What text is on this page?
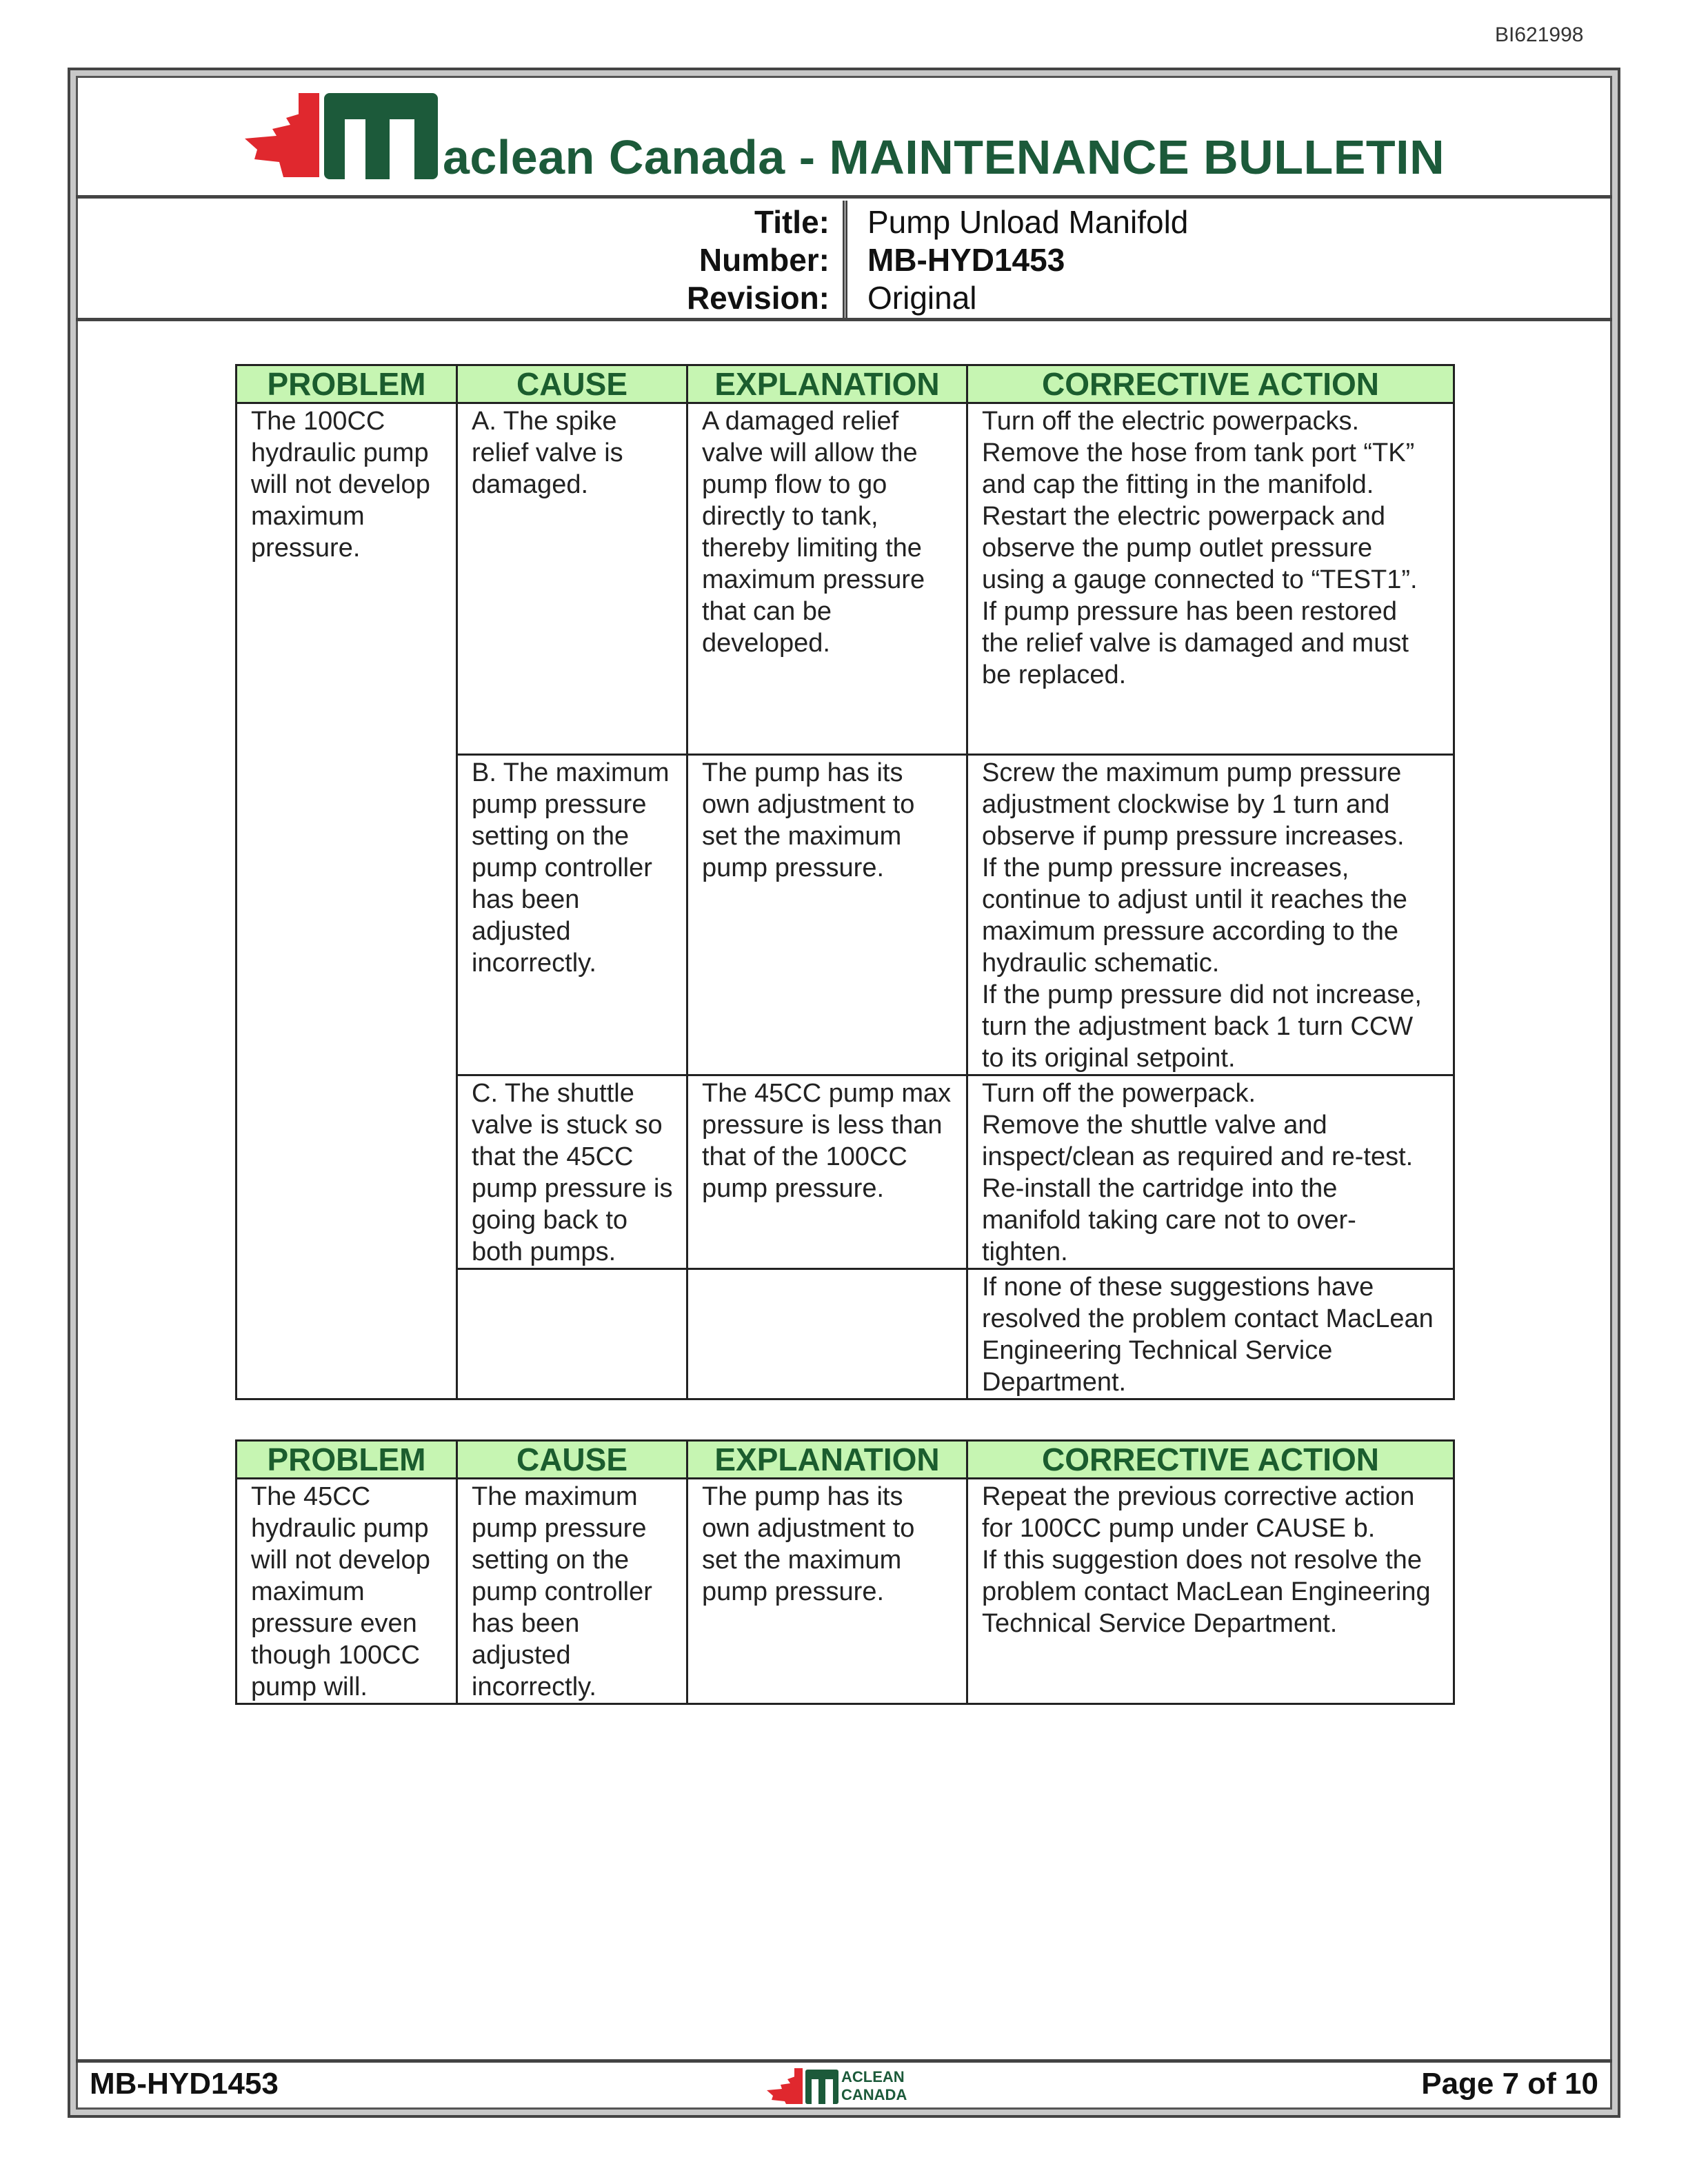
BI621998
aclean Canada - MAINTENANCE BULLETIN
Title: Pump Unload Manifold
Number: MB-HYD1453
Revision: Original
PROBLEM	CAUSE	EXPLANATION	CORRECTIVE ACTION
The 100CC hydraulic pump will not develop maximum pressure.	A. The spike relief valve is damaged.	A damaged relief valve will allow the pump flow to go directly to tank, thereby limiting the maximum pressure that can be developed.	Turn off the electric powerpacks.
Remove the hose from tank port “TK” and cap the fitting in the manifold.
Restart the electric powerpack and observe the pump outlet pressure using a gauge connected to “TEST1”.
If pump pressure has been restored the relief valve is damaged and must be replaced.

	B. The maximum pump pressure setting on the pump controller has been adjusted incorrectly.	The pump has its own adjustment to set the maximum pump pressure.	Screw the maximum pump pressure adjustment clockwise by 1 turn and observe if pump pressure increases.
If the pump pressure increases, continue to adjust until it reaches the maximum pressure according to the hydraulic schematic.
If the pump pressure did not increase, turn the adjustment back 1 turn CCW to its original setpoint.

	C. The shuttle valve is stuck so that the 45CC pump pressure is going back to both pumps.	The 45CC pump max pressure is less than that of the 100CC pump pressure.	Turn off the powerpack.
Remove the shuttle valve and inspect/clean as required and re-test.
Re-install the cartridge into the manifold taking care not to over-tighten.

			If none of these suggestions have resolved the problem contact MacLean Engineering Technical Service Department.
PROBLEM	CAUSE	EXPLANATION	CORRECTIVE ACTION
The 45CC hydraulic pump will not develop maximum pressure even though 100CC pump will.	The maximum pump pressure setting on the pump controller has been adjusted incorrectly.	The pump has its own adjustment to set the maximum pump pressure.	Repeat the previous corrective action for 100CC pump under CAUSE b.
If this suggestion does not resolve the problem contact MacLean Engineering Technical Service Department.
MB-HYD1453	ACLEAN
CANADA	Page 7 of 10
